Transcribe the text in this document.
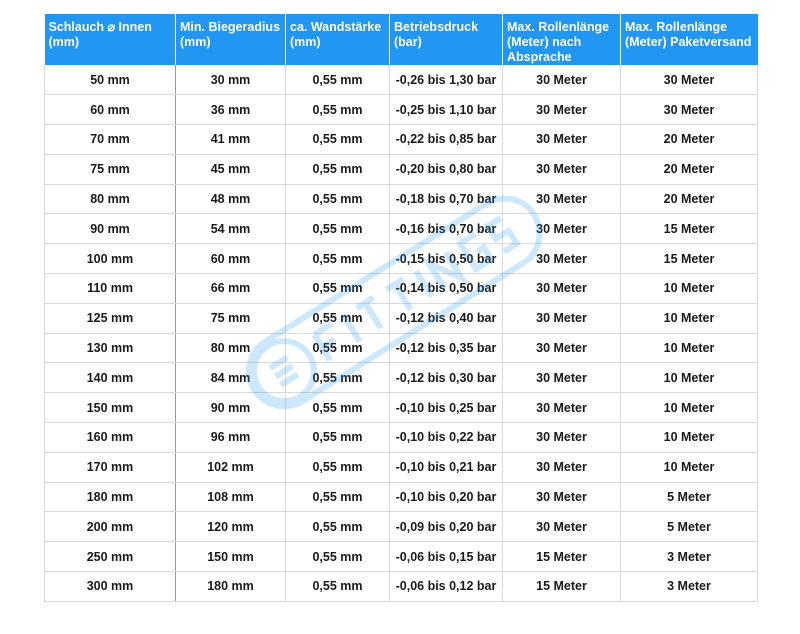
Schlauch ⌀ Innen (mm)	Min. Biegeradius (mm)	ca. Wandstärke (mm)	Betriebsdruck (bar)	Max. Rollenlänge (Meter) nach Absprache	Max. Rollenlänge (Meter) Paketversand
50 mm	30 mm	0,55 mm	-0,26 bis 1,30 bar	30 Meter	30 Meter
60 mm	36 mm	0,55 mm	-0,25 bis 1,10 bar	30 Meter	30 Meter
70 mm	41 mm	0,55 mm	-0,22 bis 0,85 bar	30 Meter	20 Meter
75 mm	45 mm	0,55 mm	-0,20 bis 0,80 bar	30 Meter	20 Meter
80 mm	48 mm	0,55 mm	-0,18 bis 0,70 bar	30 Meter	20 Meter
90 mm	54 mm	0,55 mm	-0,16 bis 0,70 bar	30 Meter	15 Meter
100 mm	60 mm	0,55 mm	-0,15 bis 0,50 bar	30 Meter	15 Meter
110 mm	66 mm	0,55 mm	-0,14 bis 0,50 bar	30 Meter	10 Meter
125 mm	75 mm	0,55 mm	-0,12 bis 0,40 bar	30 Meter	10 Meter
130 mm	80 mm	0,55 mm	-0,12 bis 0,35 bar	30 Meter	10 Meter
140 mm	84 mm	0,55 mm	-0,12 bis 0,30 bar	30 Meter	10 Meter
150 mm	90 mm	0,55 mm	-0,10 bis 0,25 bar	30 Meter	10 Meter
160 mm	96 mm	0,55 mm	-0,10 bis 0,22 bar	30 Meter	10 Meter
170 mm	102 mm	0,55 mm	-0,10 bis 0,21 bar	30 Meter	10 Meter
180 mm	108 mm	0,55 mm	-0,10 bis 0,20 bar	30 Meter	5 Meter
200 mm	120 mm	0,55 mm	-0,09 bis 0,20 bar	30 Meter	5 Meter
250 mm	150 mm	0,55 mm	-0,06 bis 0,15 bar	15 Meter	3 Meter
300 mm	180 mm	0,55 mm	-0,06 bis 0,12 bar	15 Meter	3 Meter
